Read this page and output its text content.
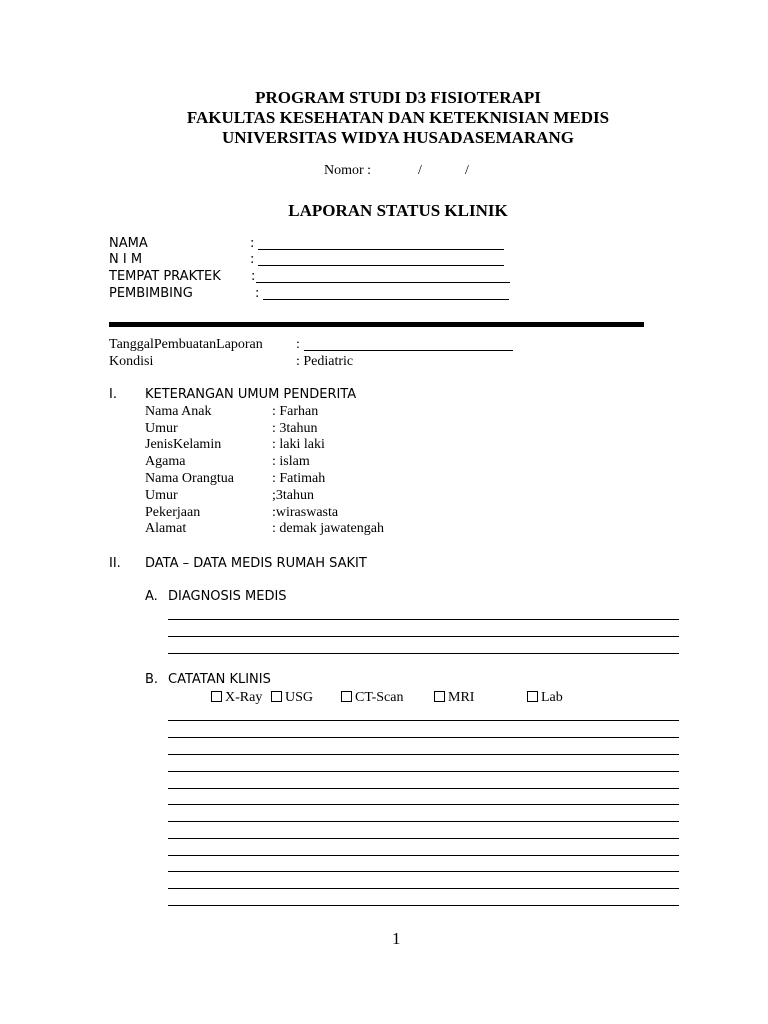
PROGRAM STUDI D3 FISIOTERAPI
FAKULTAS KESEHATAN DAN KETEKNISIAN MEDIS
UNIVERSITAS WIDYA HUSADASEMARANG
Nomor :	/	/
LAPORAN STATUS KLINIK
NAMA	:
N I M	:
TEMPAT PRAKTEK :
PEMBIMBING	:
TanggalPembuatanLaporan :
Kondisi	: Pediatric
I. KETERANGAN UMUM PENDERITA
Nama Anak	: Farhan
Umur	: 3tahun
JenisKelamin	: laki laki
Agama	: islam
Nama Orangtua	: Fatimah
Umur	;3tahun
Pekerjaan	:wiraswasta
Alamat	: demak jawatengah
II. DATA – DATA MEDIS RUMAH SAKIT
A. DIAGNOSIS MEDIS
B. CATATAN KLINIS
X-Ray	USG	CT-Scan	MRI	Lab
1
